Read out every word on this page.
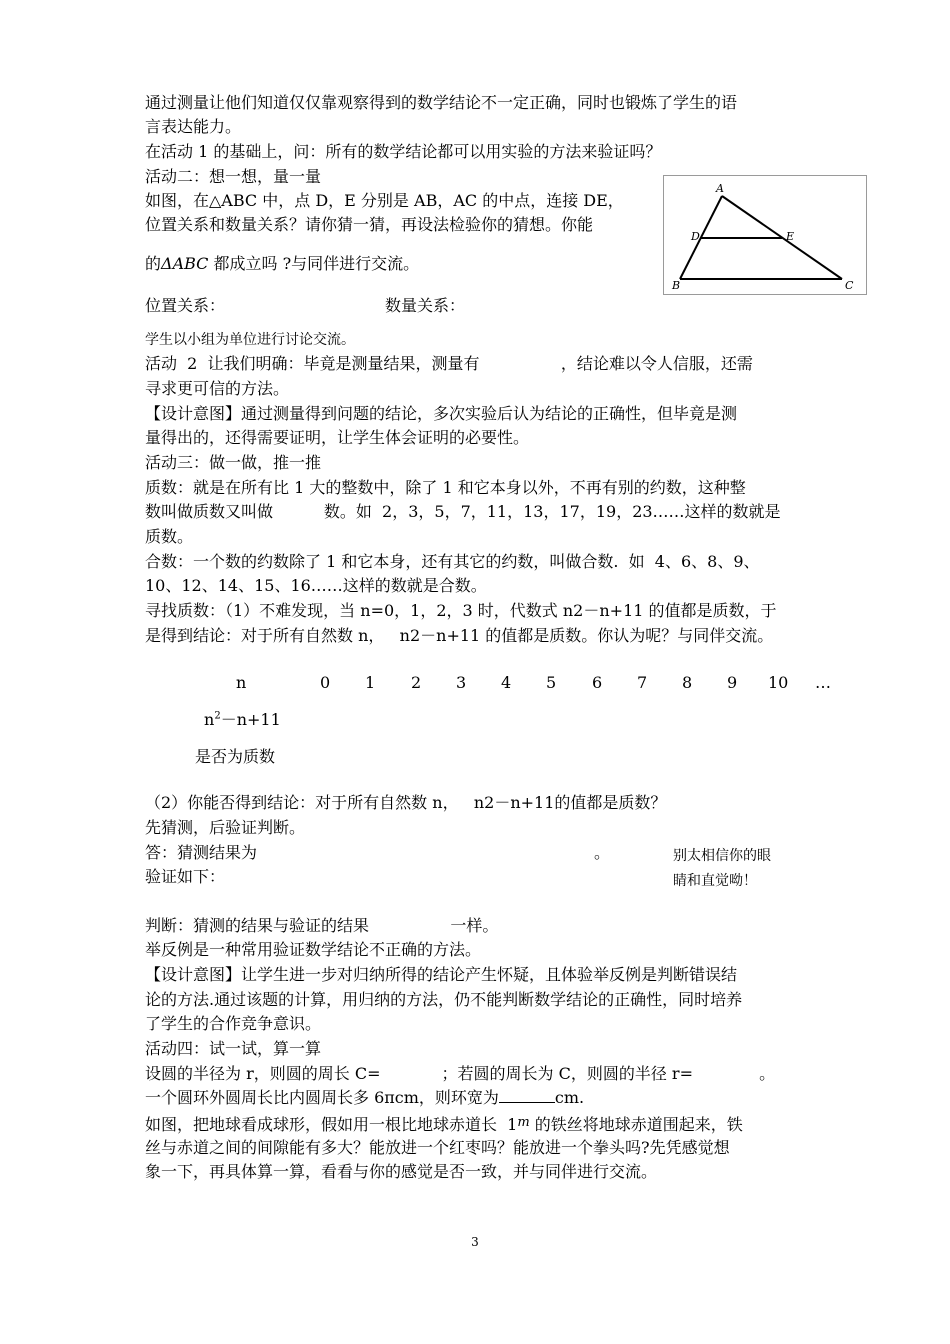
通过测量让他们知道仅仅靠观察得到的数学结论不一定正确，同时也锻炼了学生的语

言表达能力。

在活动 1 的基础上，问：所有的数学结论都可以用实验的方法来验证吗？

活动二：想一想，量一量

如图，在△ABC 中，点 D，E 分别是 AB，AC 的中点，连接 DE，

位置关系和数量关系？请你猜一猜，再设法检验你的猜想。你能

的ΔABC 都成立吗 ?与同伴进行交流。

A
D	E
B	C

位置关系：	数量关系：

学生以小组为单位进行讨论交流。

活动  2  让我们明确：毕竟是测量结果，测量有                ，结论难以令人信服，还需

寻求更可信的方法。

【设计意图】通过测量得到问题的结论，多次实验后认为结论的正确性，但毕竟是测

量得出的，还得需要证明，让学生体会证明的必要性。

活动三：做一做，推一推

质数：就是在所有比 1 大的整数中，除了 1 和它本身以外，不再有别的约数，这种整

数叫做质数又叫做          数。如  2，3，5，7，11，13，17，19，23……这样的数就是

质数。

合数：一个数的约数除了 1 和它本身，还有其它的约数，叫做合数.  如  4、6、8、9、

10、12、14、15、16……这样的数就是合数。

寻找质数：（1）不难发现，当 n=0，1，2，3 时，代数式 n2－n+11 的值都是质数，于

是得到结论：对于所有自然数 n，   n2－n+11 的值都是质数。你认为呢？与同伴交流。

n	0 1 2 3 4 5 6 7 8 9 10 …
$n^2-n+11$
是否为质数

（2）你能否得到结论：对于所有自然数 n，   n2－n+11的值都是质数？

先猜测，后验证判断。

答：猜测结果为	。	别太相信你的眼

验证如下：	睛和直觉呦！

判断：猜测的结果与验证的结果                一样。

举反例是一种常用验证数学结论不正确的方法。

【设计意图】让学生进一步对归纳所得的结论产生怀疑，且体验举反例是判断错误结

论的方法.通过该题的计算，用归纳的方法，仍不能判断数学结论的正确性，同时培养

了学生的合作竞争意识。

活动四：试一试，算一算

设圆的半径为 r，则圆的周长 C=            ；若圆的周长为 C，则圆的半径 r=             。

一个圆环外圆周长比内圆周长多 6πcm，则环宽为	cm.

如图，把地球看成球形，假如用一根比地球赤道长  1$^m$ 的铁丝将地球赤道围起来，铁

丝与赤道之间的间隙能有多大？能放进一个红枣吗？能放进一个拳头吗?先凭感觉想

象一下，再具体算一算，看看与你的感觉是否一致，并与同伴进行交流。

3
